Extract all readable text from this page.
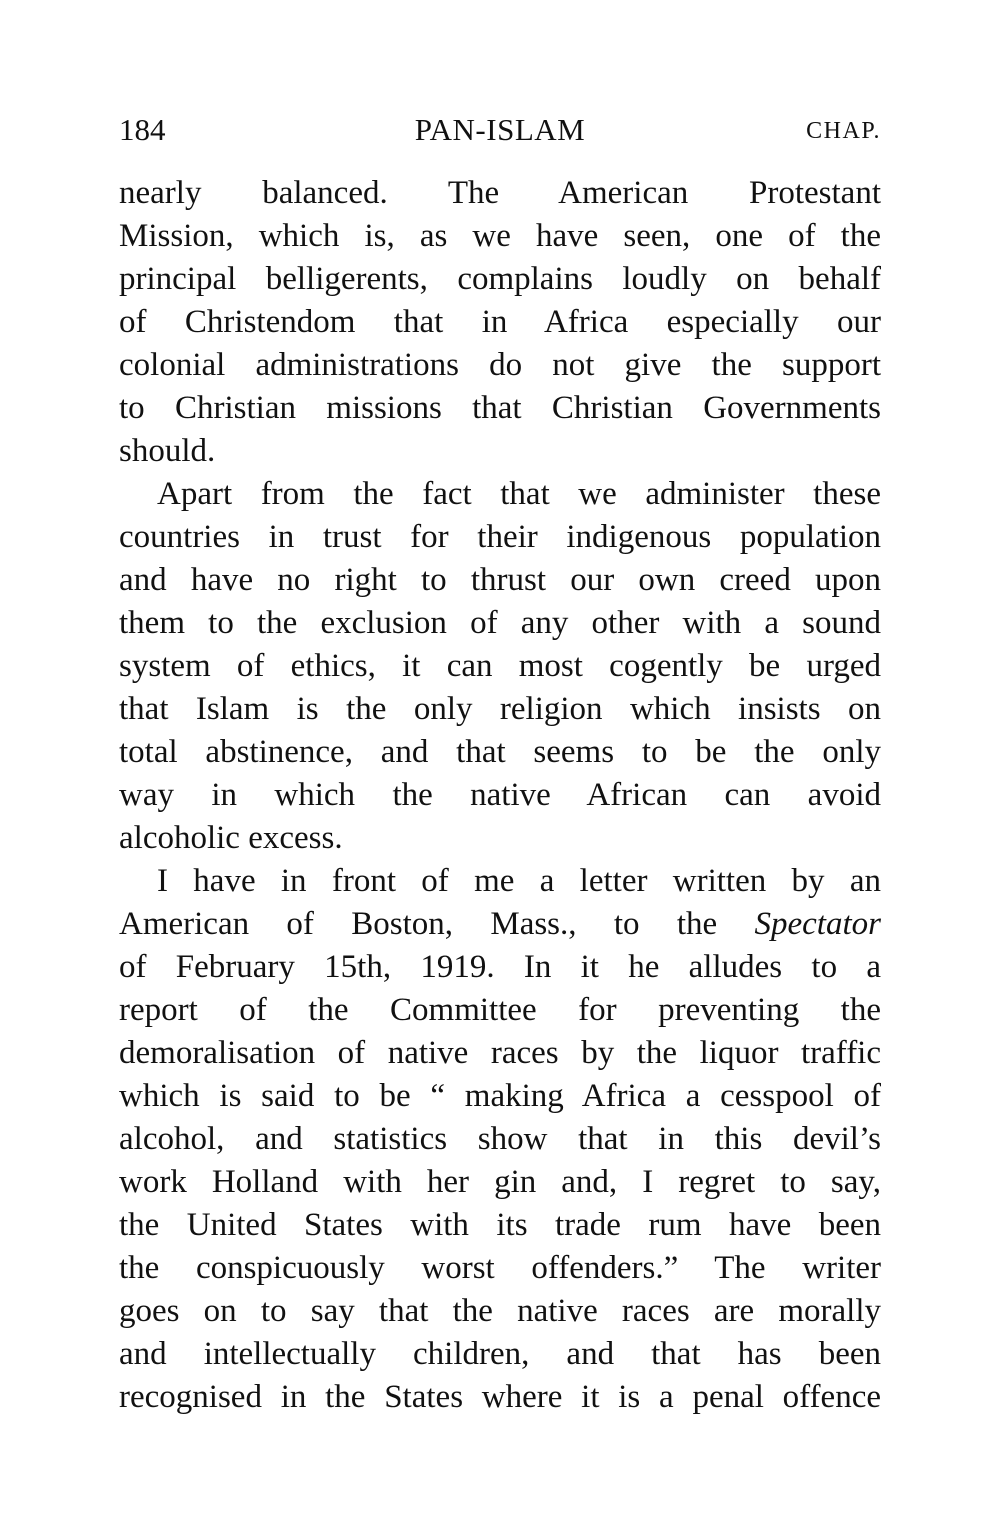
184	PAN-ISLAM	CHAP.
nearly balanced. The American Protestant
Mission, which is, as we have seen, one of the
principal belligerents, complains loudly on behalf
of Christendom that in Africa especially our
colonial administrations do not give the support
to Christian missions that Christian Governments
should.
Apart from the fact that we administer these
countries in trust for their indigenous population
and have no right to thrust our own creed upon
them to the exclusion of any other with a sound
system of ethics, it can most cogently be urged
that Islam is the only religion which insists on
total abstinence, and that seems to be the only
way in which the native African can avoid
alcoholic excess.
I have in front of me a letter written by an
American of Boston, Mass., to the Spectator
of February 15th, 1919. In it he alludes to a
report of the Committee for preventing the
demoralisation of native races by the liquor traffic
which is said to be “ making Africa a cesspool of
alcohol, and statistics show that in this devil’s
work Holland with her gin and, I regret to say,
the United States with its trade rum have been
the conspicuously worst offenders.” The writer
goes on to say that the native races are morally
and intellectually children, and that has been
recognised in the States where it is a penal offence
